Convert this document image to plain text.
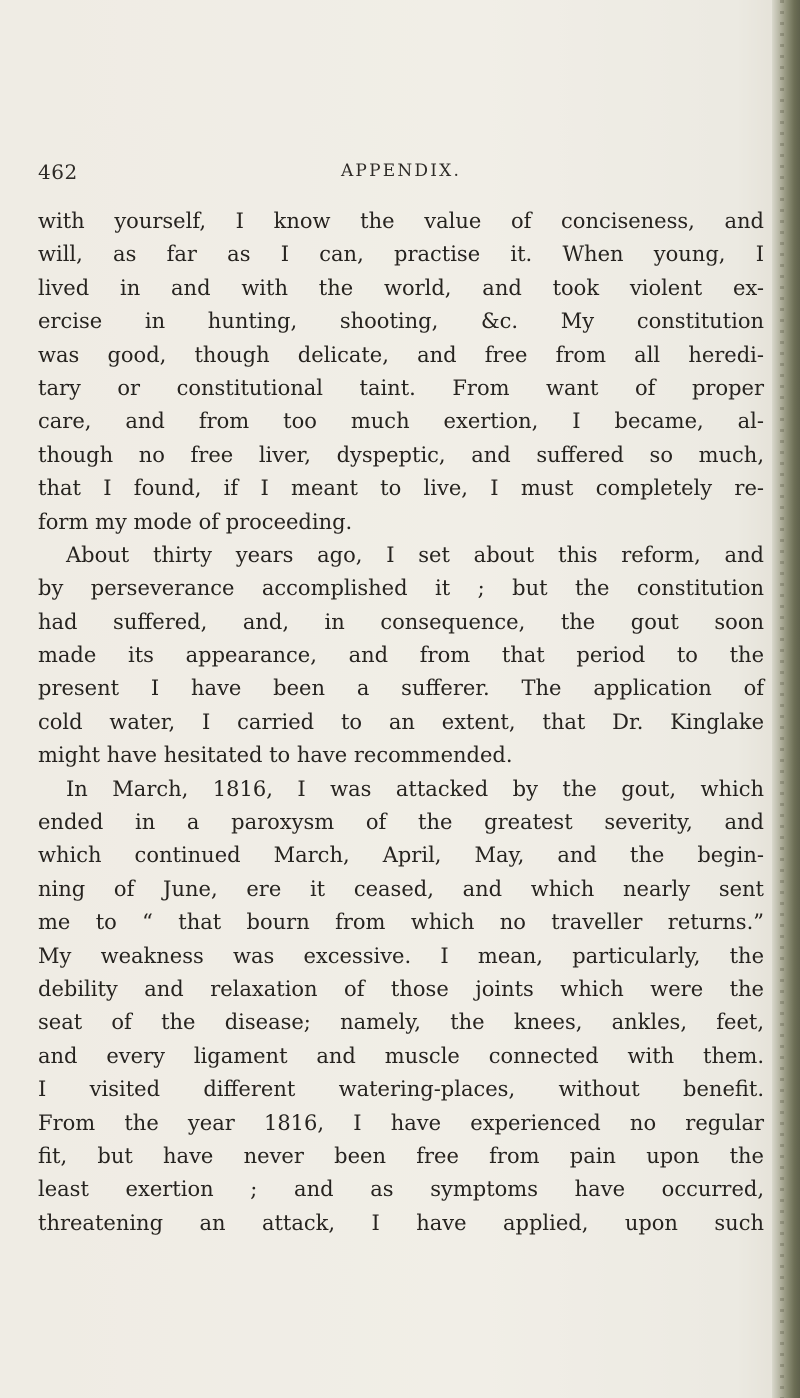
462	APPENDIX.
with yourself, I know the value of conciseness, and
will, as far as I can, practise it. When young, I
lived in and with the world, and took violent ex-
ercise in hunting, shooting, &c. My constitution
was good, though delicate, and free from all heredi-
tary or constitutional taint. From want of proper
care, and from too much exertion, I became, al-
though no free liver, dyspeptic, and suffered so much,
that I found, if I meant to live, I must completely re-
form my mode of proceeding.
About thirty years ago, I set about this reform, and
by perseverance accomplished it ; but the constitution
had suffered, and, in consequence, the gout soon
made its appearance, and from that period to the
present I have been a sufferer. The application of
cold water, I carried to an extent, that Dr. Kinglake
might have hesitated to have recommended.
In March, 1816, I was attacked by the gout, which
ended in a paroxysm of the greatest severity, and
which continued March, April, May, and the begin-
ning of June, ere it ceased, and which nearly sent
me to “ that bourn from which no traveller returns.”
My weakness was excessive. I mean, particularly, the
debility and relaxation of those joints which were the
seat of the disease; namely, the knees, ankles, feet,
and every ligament and muscle connected with them.
I visited different watering-places, without benefit.
From the year 1816, I have experienced no regular
fit, but have never been free from pain upon the
least exertion ; and as symptoms have occurred,
threatening an attack, I have applied, upon such
